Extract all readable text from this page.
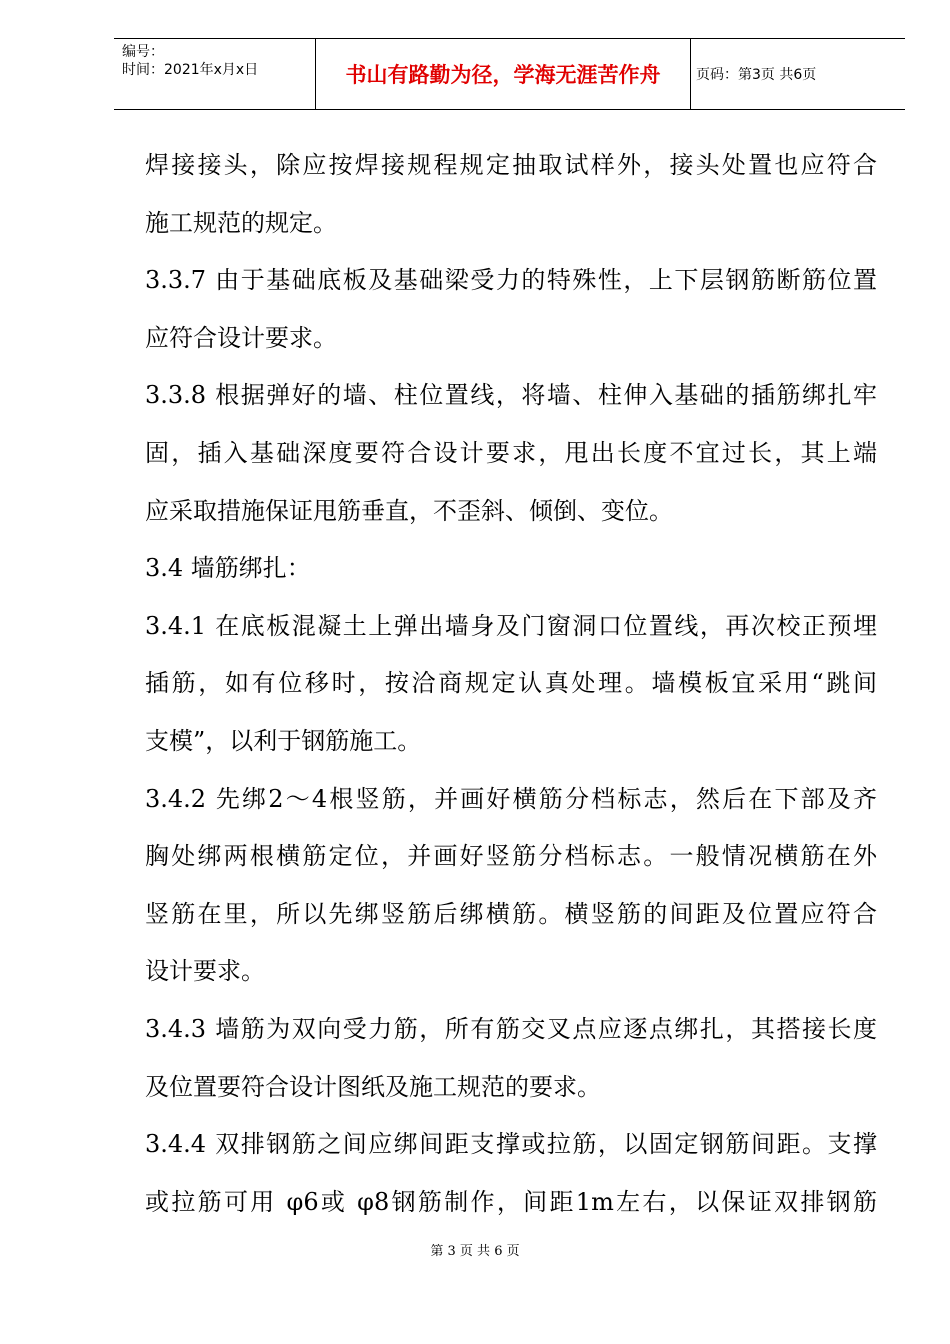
编号：
时间：2021年x月x日	书山有路勤为径，学海无涯苦作舟	页码：第3页 共6页
焊接接头，除应按焊接规程规定抽取试样外，接头处置也应符合
施工规范的规定。
3.3.7 由于基础底板及基础梁受力的特殊性，上下层钢筋断筋位置
应符合设计要求。
3.3.8 根据弹好的墙、柱位置线，将墙、柱伸入基础的插筋绑扎牢
固，插入基础深度要符合设计要求，甩出长度不宜过长，其上端
应采取措施保证甩筋垂直，不歪斜、倾倒、变位。
3.4 墙筋绑扎：
3.4.1 在底板混凝土上弹出墙身及门窗洞口位置线，再次校正预埋
插筋，如有位移时，按洽商规定认真处理。墙模板宜采用“跳间
支模”，以利于钢筋施工。
3.4.2 先绑2～4根竖筋，并画好横筋分档标志，然后在下部及齐
胸处绑两根横筋定位，并画好竖筋分档标志。一般情况横筋在外
竖筋在里，所以先绑竖筋后绑横筋。横竖筋的间距及位置应符合
设计要求。
3.4.3 墙筋为双向受力筋，所有筋交叉点应逐点绑扎，其搭接长度
及位置要符合设计图纸及施工规范的要求。
3.4.4 双排钢筋之间应绑间距支撑或拉筋，以固定钢筋间距。支撑
或拉筋可用 φ6或 φ8钢筋制作，间距1m左右，以保证双排钢筋
第 3 页 共 6 页
